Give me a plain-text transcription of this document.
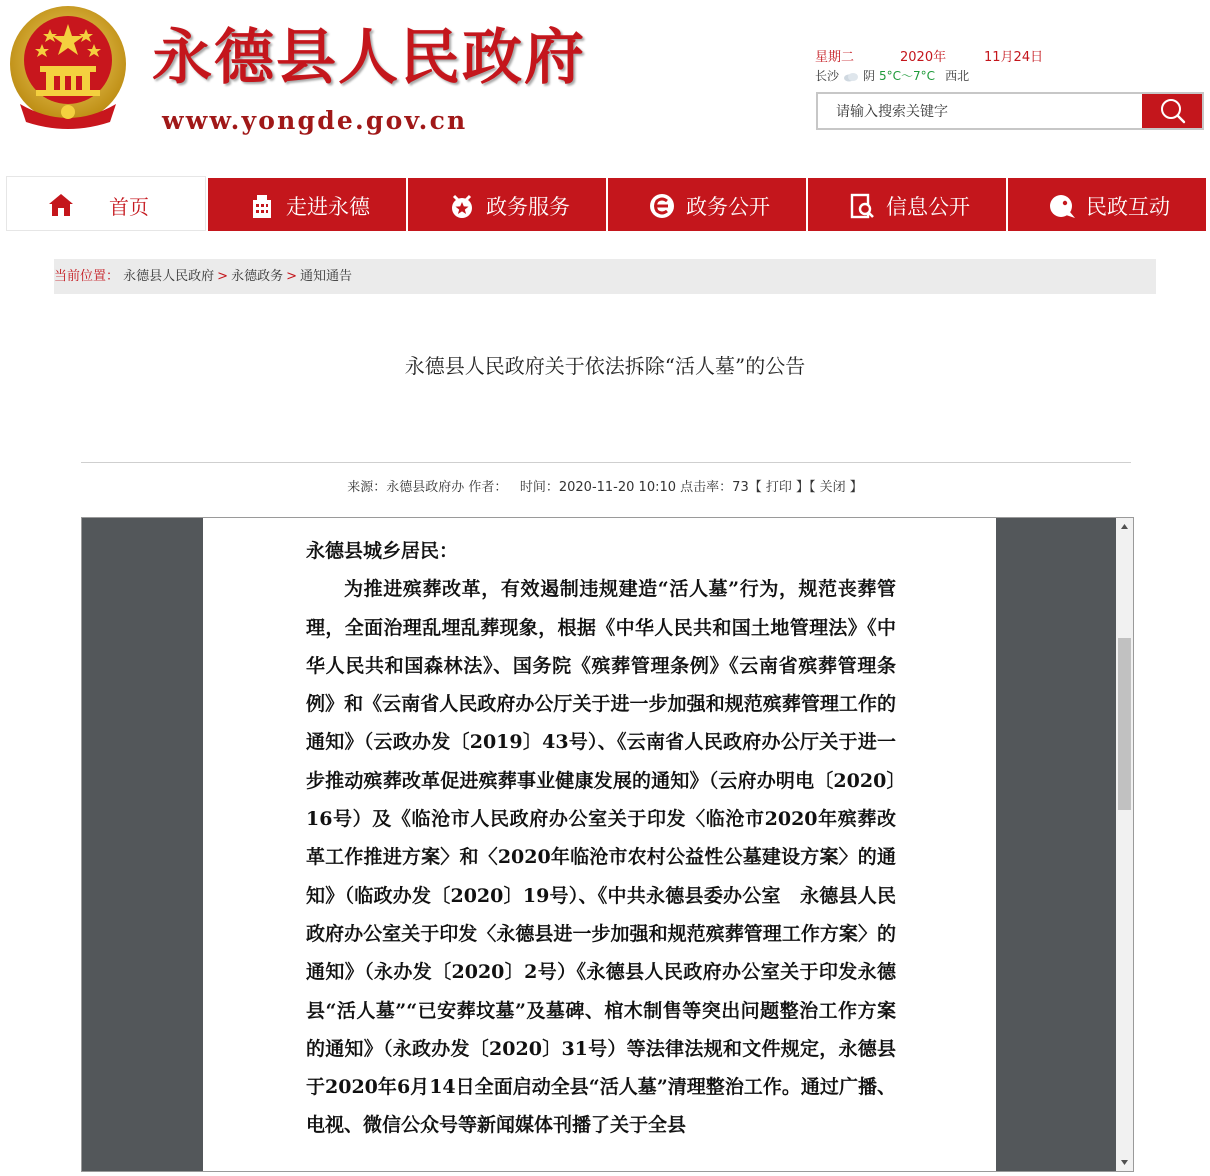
永德县人民政府
www.yongde.gov.cn
星期二	2020年	11月24日
长沙 阴 5°C～7°C 西北
请输入搜索关键字
首页	走进永德	政务服务	政务公开	信息公开	民政互动
当前位置： 永德县人民政府 > 永德政务 > 通知通告
永德县人民政府关于依法拆除“活人墓”的公告
来源：永德县政府办 作者： 时间：2020-11-20 10:10 点击率：73【 打印 】【 关闭 】

永德县城乡居民：

为推进殡葬改革，有效遏制违规建造“活人墓”行为，规范丧葬管理，全面治理乱埋乱葬现象，根据《中华人民共和国土地管理法》《中华人民共和国森林法》、国务院《殡葬管理条例》《云南省殡葬管理条例》和《云南省人民政府办公厅关于进一步加强和规范殡葬管理工作的通知》（云政办发〔2019〕43号）、《云南省人民政府办公厅关于进一步推动殡葬改革促进殡葬事业健康发展的通知》（云府办明电〔2020〕16号）及《临沧市人民政府办公室关于印发〈临沧市2020年殡葬改革工作推进方案〉和〈2020年临沧市农村公益性公墓建设方案〉的通知》（临政办发〔2020〕19号）、《中共永德县委办公室　永德县人民政府办公室关于印发〈永德县进一步加强和规范殡葬管理工作方案〉的通知》（永办发〔2020〕2号）《永德县人民政府办公室关于印发永德县“活人墓”“已安葬坟墓”及墓碑、棺木制售等突出问题整治工作方案的通知》（永政办发〔2020〕31号）等法律法规和文件规定，永德县于2020年6月14日全面启动全县“活人墓”清理整治工作。通过广播、电视、微信公众号等新闻媒体刊播了关于全县
